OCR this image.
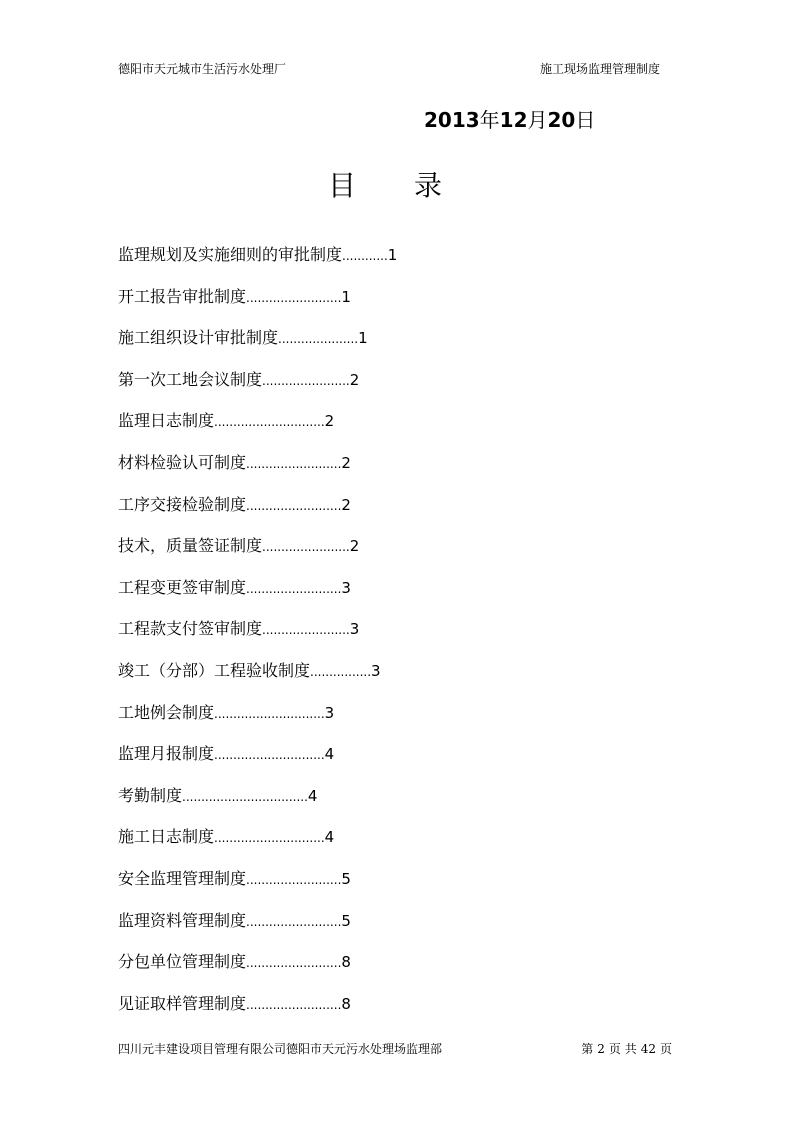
德阳市天元城市生活污水处理厂	施工现场监理管理制度
2013年12月20日
目 录
监理规划及实施细则的审批制度 ............ 1
开工报告审批制度 ......................... 1
施工组织设计审批制度 ..................... 1
第一次工地会议制度 ....................... 2
监理日志制度 ............................. 2
材料检验认可制度 ......................... 2
工序交接检验制度 ......................... 2
技术，质量签证制度 ....................... 2
工程变更签审制度 ......................... 3
工程款支付签审制度 ....................... 3
竣工（分部）工程验收制度 ................ 3
工地例会制度 ............................. 3
监理月报制度 ............................. 4
考勤制度 ................................. 4
施工日志制度 ............................. 4
安全监理管理制度 ......................... 5
监理资料管理制度 ......................... 5
分包单位管理制度 ......................... 8
见证取样管理制度 ......................... 8
四川元丰建设项目管理有限公司德阳市天元污水处理场监理部	第 2 页 共 42 页
